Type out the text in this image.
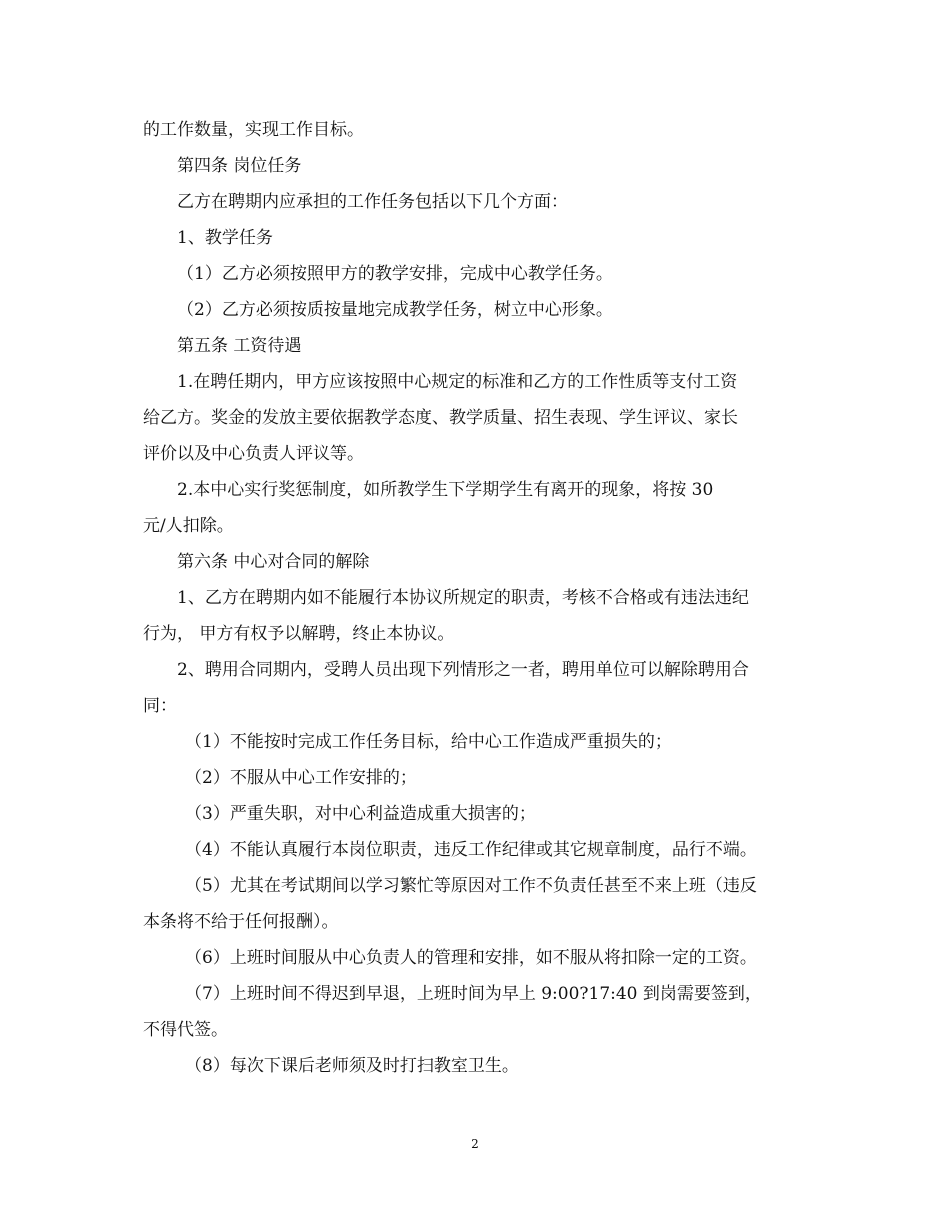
的工作数量，实现工作目标。

第四条 岗位任务

乙方在聘期内应承担的工作任务包括以下几个方面：

1、教学任务

（1）乙方必须按照甲方的教学安排，完成中心教学任务。

（2）乙方必须按质按量地完成教学任务，树立中心形象。

第五条 工资待遇

1.在聘任期内，甲方应该按照中心规定的标准和乙方的工作性质等支付工资

给乙方。奖金的发放主要依据教学态度、教学质量、招生表现、学生评议、家长

评价以及中心负责人评议等。

2.本中心实行奖惩制度，如所教学生下学期学生有离开的现象，将按 30

元/人扣除。

第六条 中心对合同的解除

1、乙方在聘期内如不能履行本协议所规定的职责，考核不合格或有违法违纪

行为， 甲方有权予以解聘，终止本协议。

2、聘用合同期内，受聘人员出现下列情形之一者，聘用单位可以解除聘用合

同：

（1）不能按时完成工作任务目标，给中心工作造成严重损失的；

（2）不服从中心工作安排的；

（3）严重失职，对中心利益造成重大损害的；

（4）不能认真履行本岗位职责，违反工作纪律或其它规章制度，品行不端。

（5）尤其在考试期间以学习繁忙等原因对工作不负责任甚至不来上班（违反

本条将不给于任何报酬）。

（6）上班时间服从中心负责人的管理和安排，如不服从将扣除一定的工资。

（7）上班时间不得迟到早退，上班时间为早上 9:00?17:40 到岗需要签到，

不得代签。

（8）每次下课后老师须及时打扫教室卫生。

2
